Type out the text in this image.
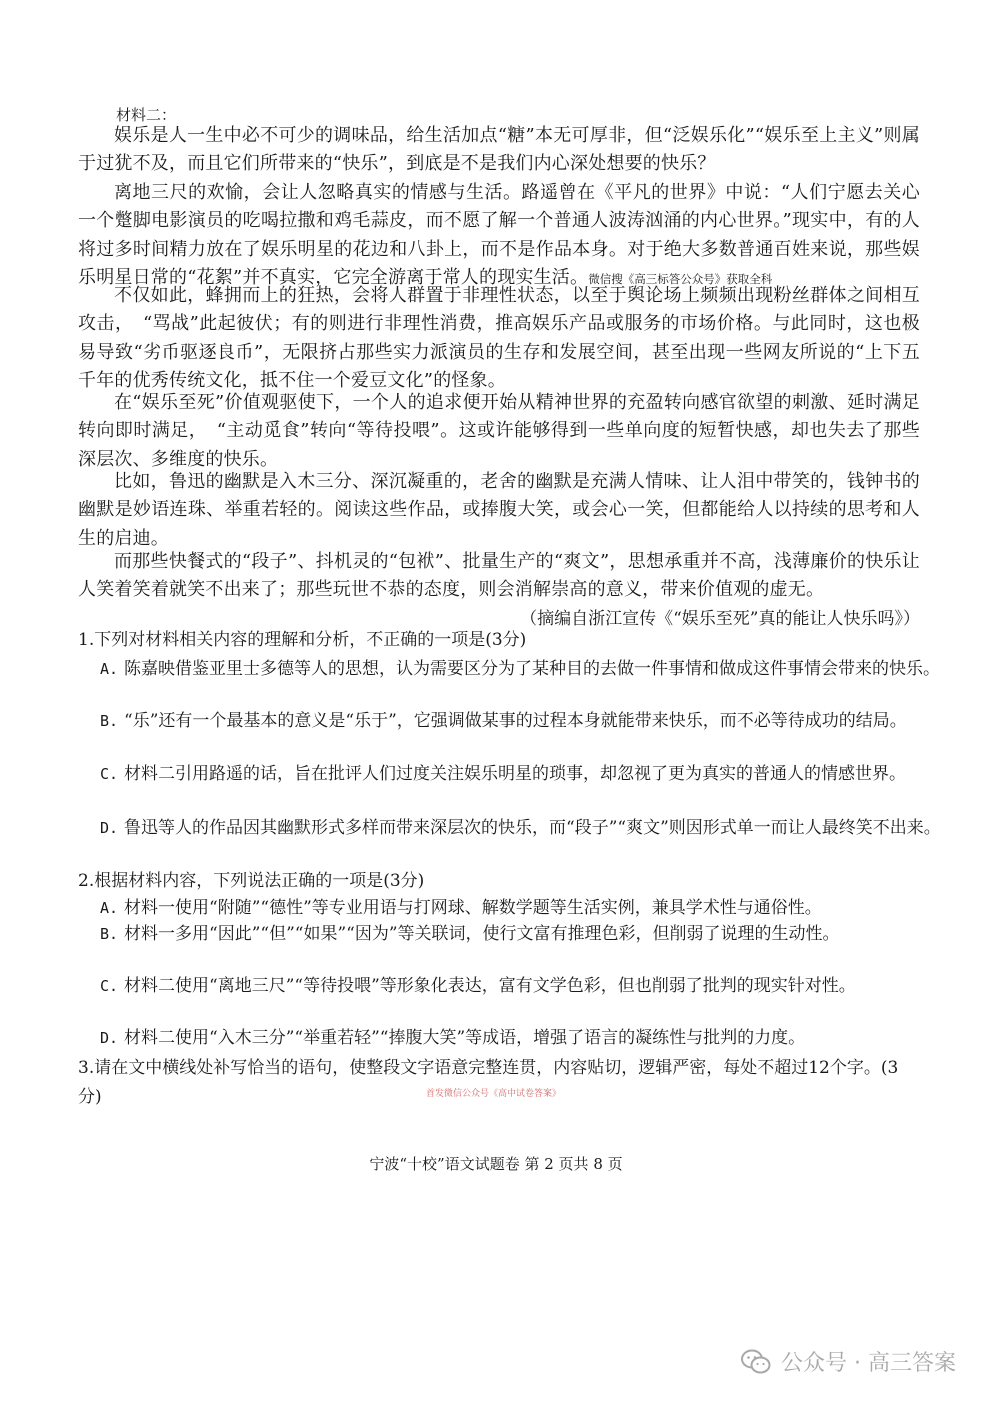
材料二：

娱乐是人一生中必不可少的调味品，给生活加点“糖”本无可厚非，但“泛娱乐化”“娱乐至上主义”则属于过犹不及，而且它们所带来的“快乐”，到底是不是我们内心深处想要的快乐？

离地三尺的欢愉，会让人忽略真实的情感与生活。路遥曾在《平凡的世界》中说：“人们宁愿去关心一个蹩脚电影演员的吃喝拉撒和鸡毛蒜皮，而不愿了解一个普通人波涛汹涌的内心世界。”现实中，有的人将过多时间精力放在了娱乐明星的花边和八卦上，而不是作品本身。对于绝大多数普通百姓来说，那些娱乐明星日常的“花絮”并不真实，它完全游离于常人的现实生活。微信搜《高三标答公众号》获取全科

不仅如此，蜂拥而上的狂热，会将人群置于非理性状态，以至于舆论场上频频出现粉丝群体之间相互攻击，　“骂战”此起彼伏；有的则进行非理性消费，推高娱乐产品或服务的市场价格。与此同时，这也极易导致“劣币驱逐良币”，无限挤占那些实力派演员的生存和发展空间，甚至出现一些网友所说的“上下五千年的优秀传统文化，抵不住一个爱豆文化”的怪象。

在“娱乐至死”价值观驱使下，一个人的追求便开始从精神世界的充盈转向感官欲望的刺激、延时满足转向即时满足，　“主动觅食”转向“等待投喂”。这或许能够得到一些单向度的短暂快感，却也失去了那些深层次、多维度的快乐。

比如，鲁迅的幽默是入木三分、深沉凝重的，老舍的幽默是充满人情味、让人泪中带笑的，钱钟书的幽默是妙语连珠、举重若轻的。阅读这些作品，或捧腹大笑，或会心一笑，但都能给人以持续的思考和人生的启迪。

而那些快餐式的“段子”、抖机灵的“包袱”、批量生产的“爽文”，思想承重并不高，浅薄廉价的快乐让人笑着笑着就笑不出来了；那些玩世不恭的态度，则会消解崇高的意义，带来价值观的虚无。

（摘编自浙江宣传《“娱乐至死”真的能让人快乐吗》）

1.下列对材料相关内容的理解和分析，不正确的一项是(3分)

A. 陈嘉映借鉴亚里士多德等人的思想，认为需要区分为了某种目的去做一件事情和做成这件事情会带来的快乐。

B. “乐”还有一个最基本的意义是“乐于”，它强调做某事的过程本身就能带来快乐，而不必等待成功的结局。

C. 材料二引用路遥的话，旨在批评人们过度关注娱乐明星的琐事，却忽视了更为真实的普通人的情感世界。

D. 鲁迅等人的作品因其幽默形式多样而带来深层次的快乐，而“段子”“爽文”则因形式单一而让人最终笑不出来。

2.根据材料内容，下列说法正确的一项是(3分)

A. 材料一使用“附随”“德性”等专业用语与打网球、解数学题等生活实例，兼具学术性与通俗性。

B. 材料一多用“因此”“但”“如果”“因为”等关联词，使行文富有推理色彩，但削弱了说理的生动性。

C. 材料二使用“离地三尺”“等待投喂”等形象化表达，富有文学色彩，但也削弱了批判的现实针对性。

D. 材料二使用“入木三分”“举重若轻”“捧腹大笑”等成语，增强了语言的凝练性与批判的力度。

3.请在文中横线处补写恰当的语句，使整段文字语意完整连贯，内容贴切，逻辑严密，每处不超过12个字。(3分)	首发微信公众号《高中试卷答案》
宁波“十校”语文试题卷 第 2 页共 8 页
公众号 · 高三答案
